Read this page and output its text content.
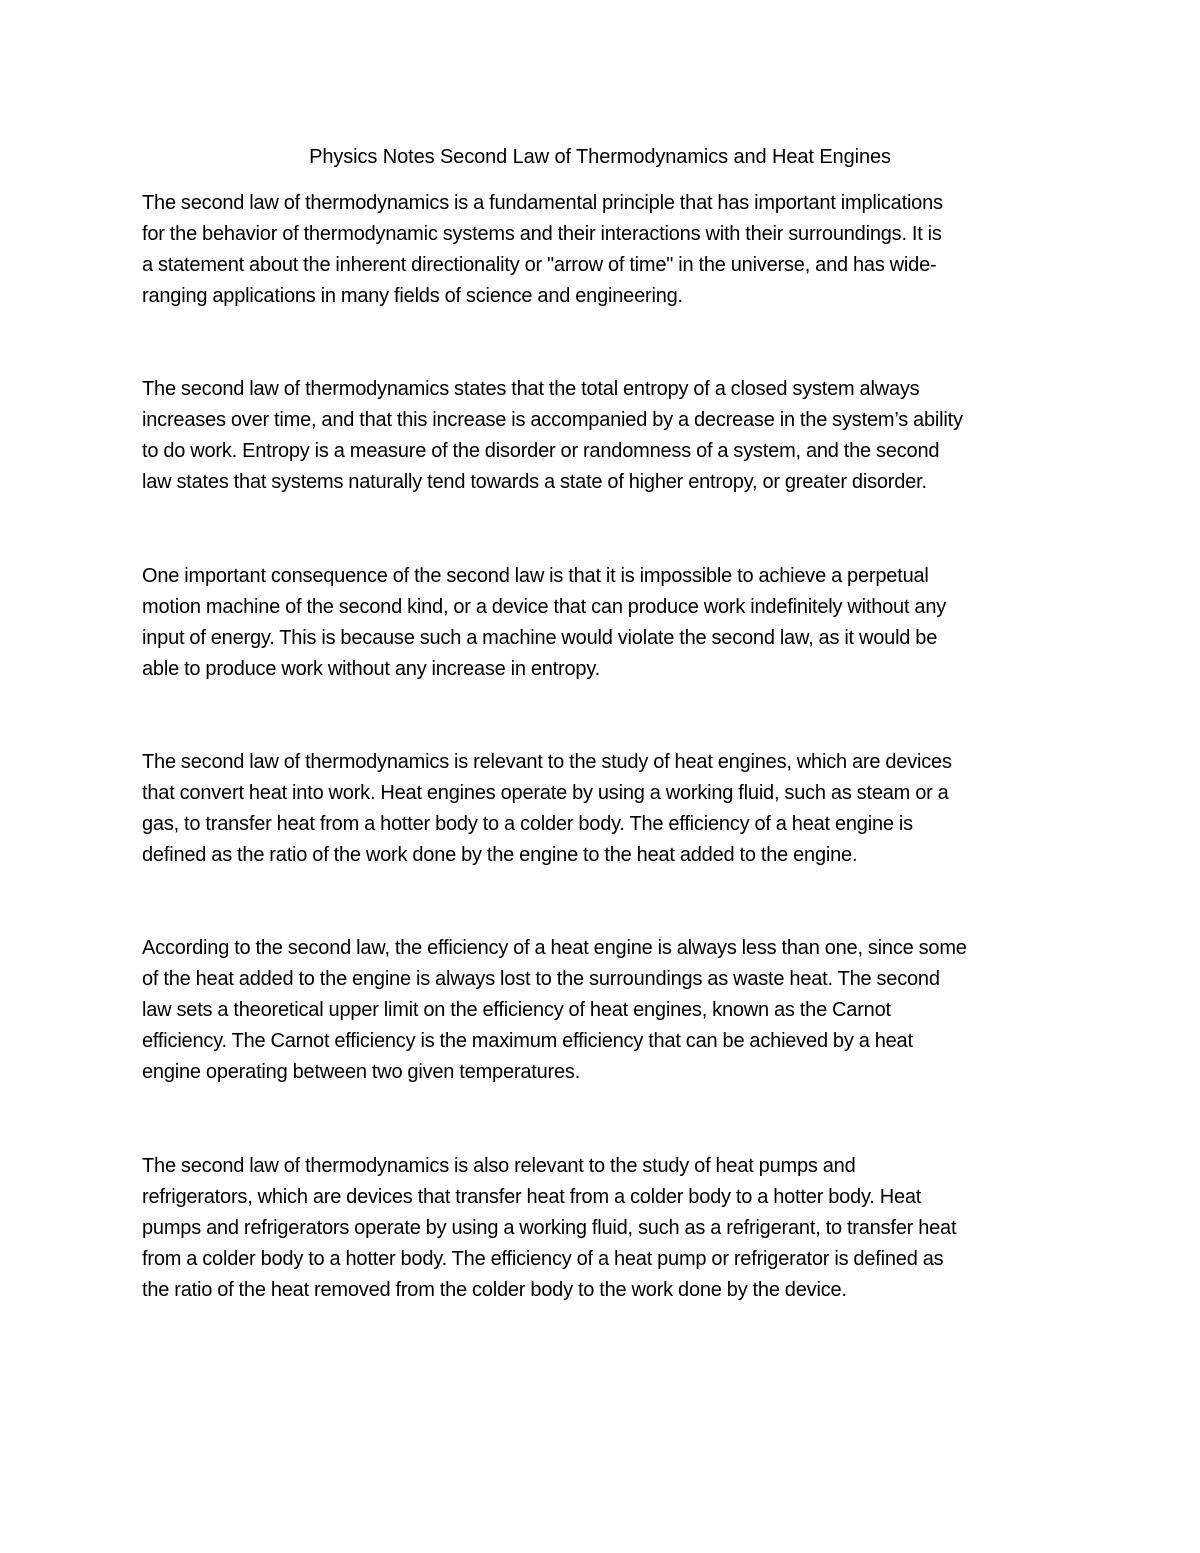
Physics Notes Second Law of Thermodynamics and Heat Engines
The second law of thermodynamics is a fundamental principle that has important implications
for the behavior of thermodynamic systems and their interactions with their surroundings. It is
a statement about the inherent directionality or "arrow of time" in the universe, and has wide-
ranging applications in many fields of science and engineering.
The second law of thermodynamics states that the total entropy of a closed system always
increases over time, and that this increase is accompanied by a decrease in the system’s ability
to do work. Entropy is a measure of the disorder or randomness of a system, and the second
law states that systems naturally tend towards a state of higher entropy, or greater disorder.
One important consequence of the second law is that it is impossible to achieve a perpetual
motion machine of the second kind, or a device that can produce work indefinitely without any
input of energy. This is because such a machine would violate the second law, as it would be
able to produce work without any increase in entropy.
The second law of thermodynamics is relevant to the study of heat engines, which are devices
that convert heat into work. Heat engines operate by using a working fluid, such as steam or a
gas, to transfer heat from a hotter body to a colder body. The efficiency of a heat engine is
defined as the ratio of the work done by the engine to the heat added to the engine.
According to the second law, the efficiency of a heat engine is always less than one, since some
of the heat added to the engine is always lost to the surroundings as waste heat. The second
law sets a theoretical upper limit on the efficiency of heat engines, known as the Carnot
efficiency. The Carnot efficiency is the maximum efficiency that can be achieved by a heat
engine operating between two given temperatures.
The second law of thermodynamics is also relevant to the study of heat pumps and
refrigerators, which are devices that transfer heat from a colder body to a hotter body. Heat
pumps and refrigerators operate by using a working fluid, such as a refrigerant, to transfer heat
from a colder body to a hotter body. The efficiency of a heat pump or refrigerator is defined as
the ratio of the heat removed from the colder body to the work done by the device.
